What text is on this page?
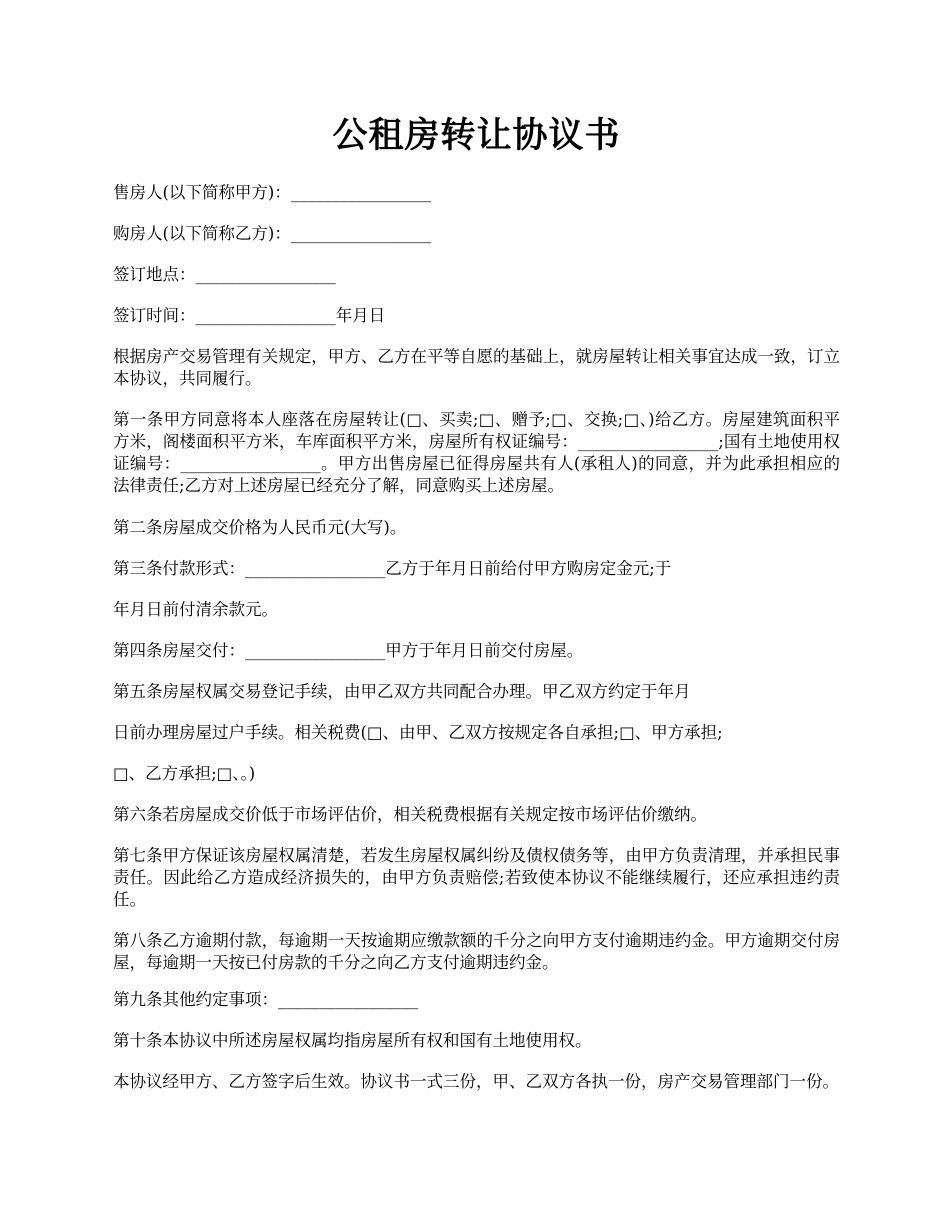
公租房转让协议书

售房人(以下简称甲方)：_________________

购房人(以下简称乙方)：_________________

签订地点：_________________

签订时间：_________________年月日

根据房产交易管理有关规定，甲方、乙方在平等自愿的基础上，就房屋转让相关事宜达成一致，订立本协议，共同履行。

第一条甲方同意将本人座落在房屋转让(□、买卖;□、赠予;□、交换;□、)给乙方。房屋建筑面积平方米，阁楼面积平方米，车库面积平方米，房屋所有权证编号：_________________;国有土地使用权证编号：_________________。甲方出售房屋已征得房屋共有人(承租人)的同意，并为此承担相应的法律责任;乙方对上述房屋已经充分了解，同意购买上述房屋。

第二条房屋成交价格为人民币元(大写)。

第三条付款形式：_________________乙方于年月日前给付甲方购房定金元;于

年月日前付清余款元。

第四条房屋交付：_________________甲方于年月日前交付房屋。

第五条房屋权属交易登记手续，由甲乙双方共同配合办理。甲乙双方约定于年月

日前办理房屋过户手续。相关税费(□、由甲、乙双方按规定各自承担;□、甲方承担;

□、乙方承担;□、。)

第六条若房屋成交价低于市场评估价，相关税费根据有关规定按市场评估价缴纳。

第七条甲方保证该房屋权属清楚，若发生房屋权属纠纷及债权债务等，由甲方负责清理，并承担民事责任。因此给乙方造成经济损失的，由甲方负责赔偿;若致使本协议不能继续履行，还应承担违约责任。

第八条乙方逾期付款，每逾期一天按逾期应缴款额的千分之向甲方支付逾期违约金。甲方逾期交付房屋，每逾期一天按已付房款的千分之向乙方支付逾期违约金。

第九条其他约定事项：_________________

第十条本协议中所述房屋权属均指房屋所有权和国有土地使用权。

本协议经甲方、乙方签字后生效。协议书一式三份，甲、乙双方各执一份，房产交易管理部门一份。
